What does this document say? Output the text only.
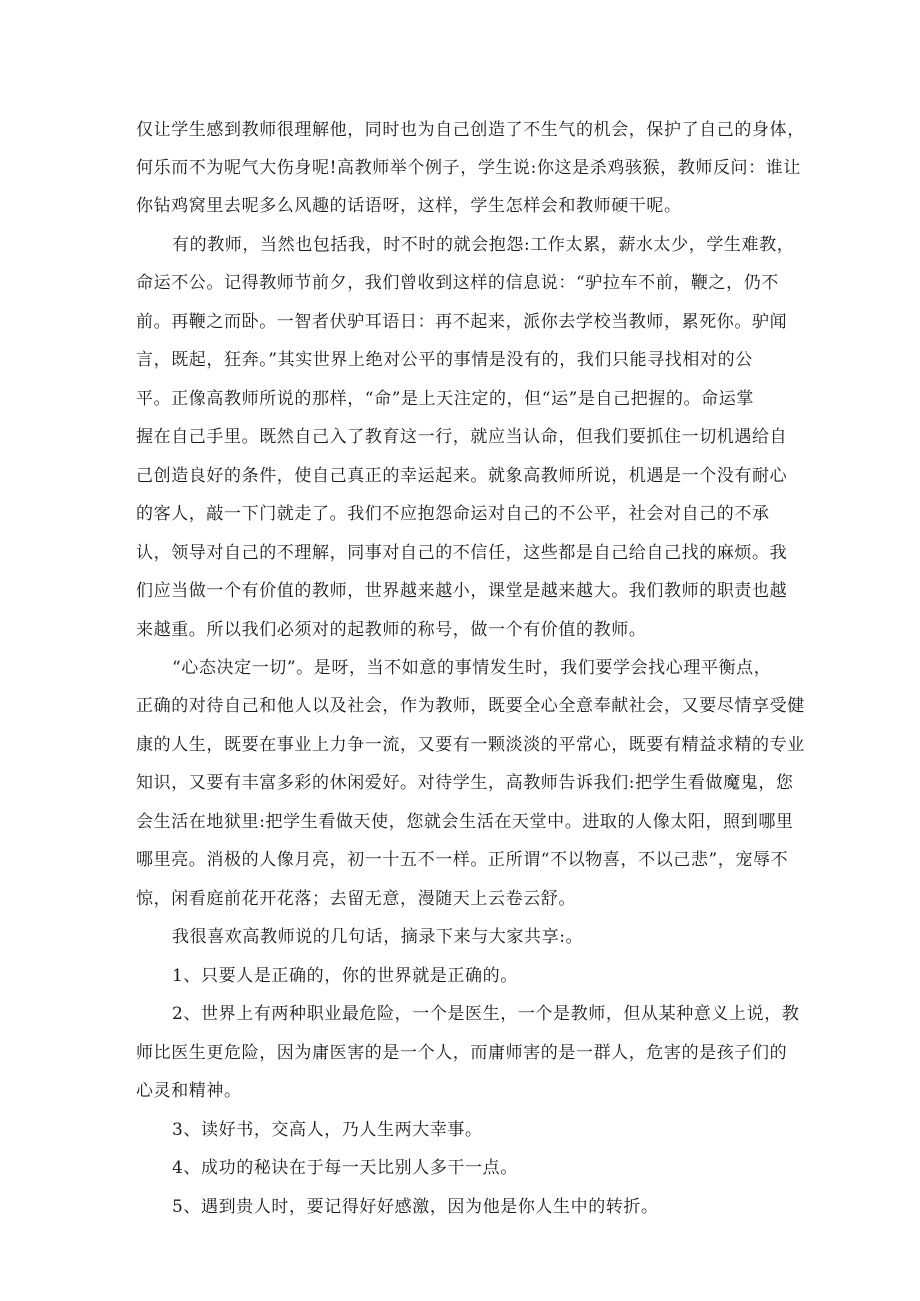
仅让学生感到教师很理解他，同时也为自己创造了不生气的机会，保护了自己的身体，
何乐而不为呢气大伤身呢!高教师举个例子，学生说:你这是杀鸡骇猴，教师反问：谁让
你钻鸡窝里去呢多么风趣的话语呀，这样，学生怎样会和教师硬干呢。
有的教师，当然也包括我，时不时的就会抱怨:工作太累，薪水太少，学生难教，
命运不公。记得教师节前夕，我们曾收到这样的信息说：“驴拉车不前，鞭之，仍不
前。再鞭之而卧。一智者伏驴耳语日：再不起来，派你去学校当教师，累死你。驴闻
言，既起，狂奔。”其实世界上绝对公平的事情是没有的，我们只能寻找相对的公
平。正像高教师所说的那样，“命”是上天注定的，但“运”是自己把握的。命运掌
握在自己手里。既然自己入了教育这一行，就应当认命，但我们要抓住一切机遇给自
己创造良好的条件，使自己真正的幸运起来。就象高教师所说，机遇是一个没有耐心
的客人，敲一下门就走了。我们不应抱怨命运对自己的不公平，社会对自己的不承
认，领导对自己的不理解，同事对自己的不信任，这些都是自己给自己找的麻烦。我
们应当做一个有价值的教师，世界越来越小，课堂是越来越大。我们教师的职责也越
来越重。所以我们必须对的起教师的称号，做一个有价值的教师。
“心态决定一切”。是呀，当不如意的事情发生时，我们要学会找心理平衡点，
正确的对待自己和他人以及社会，作为教师，既要全心全意奉献社会，又要尽情享受健
康的人生，既要在事业上力争一流，又要有一颗淡淡的平常心，既要有精益求精的专业
知识，又要有丰富多彩的休闲爱好。对待学生，高教师告诉我们:把学生看做魔鬼，您
会生活在地狱里:把学生看做天使，您就会生活在天堂中。进取的人像太阳，照到哪里
哪里亮。消极的人像月亮，初一十五不一样。正所谓“不以物喜，不以己悲”，宠辱不
惊，闲看庭前花开花落；去留无意，漫随天上云卷云舒。
我很喜欢高教师说的几句话，摘录下来与大家共享:。
1、只要人是正确的，你的世界就是正确的。
2、世界上有两种职业最危险，一个是医生，一个是教师，但从某种意义上说，教
师比医生更危险，因为庸医害的是一个人，而庸师害的是一群人，危害的是孩子们的
心灵和精神。
3、读好书，交高人，乃人生两大幸事。
4、成功的秘诀在于每一天比别人多干一点。
5、遇到贵人时，要记得好好感激，因为他是你人生中的转折。
